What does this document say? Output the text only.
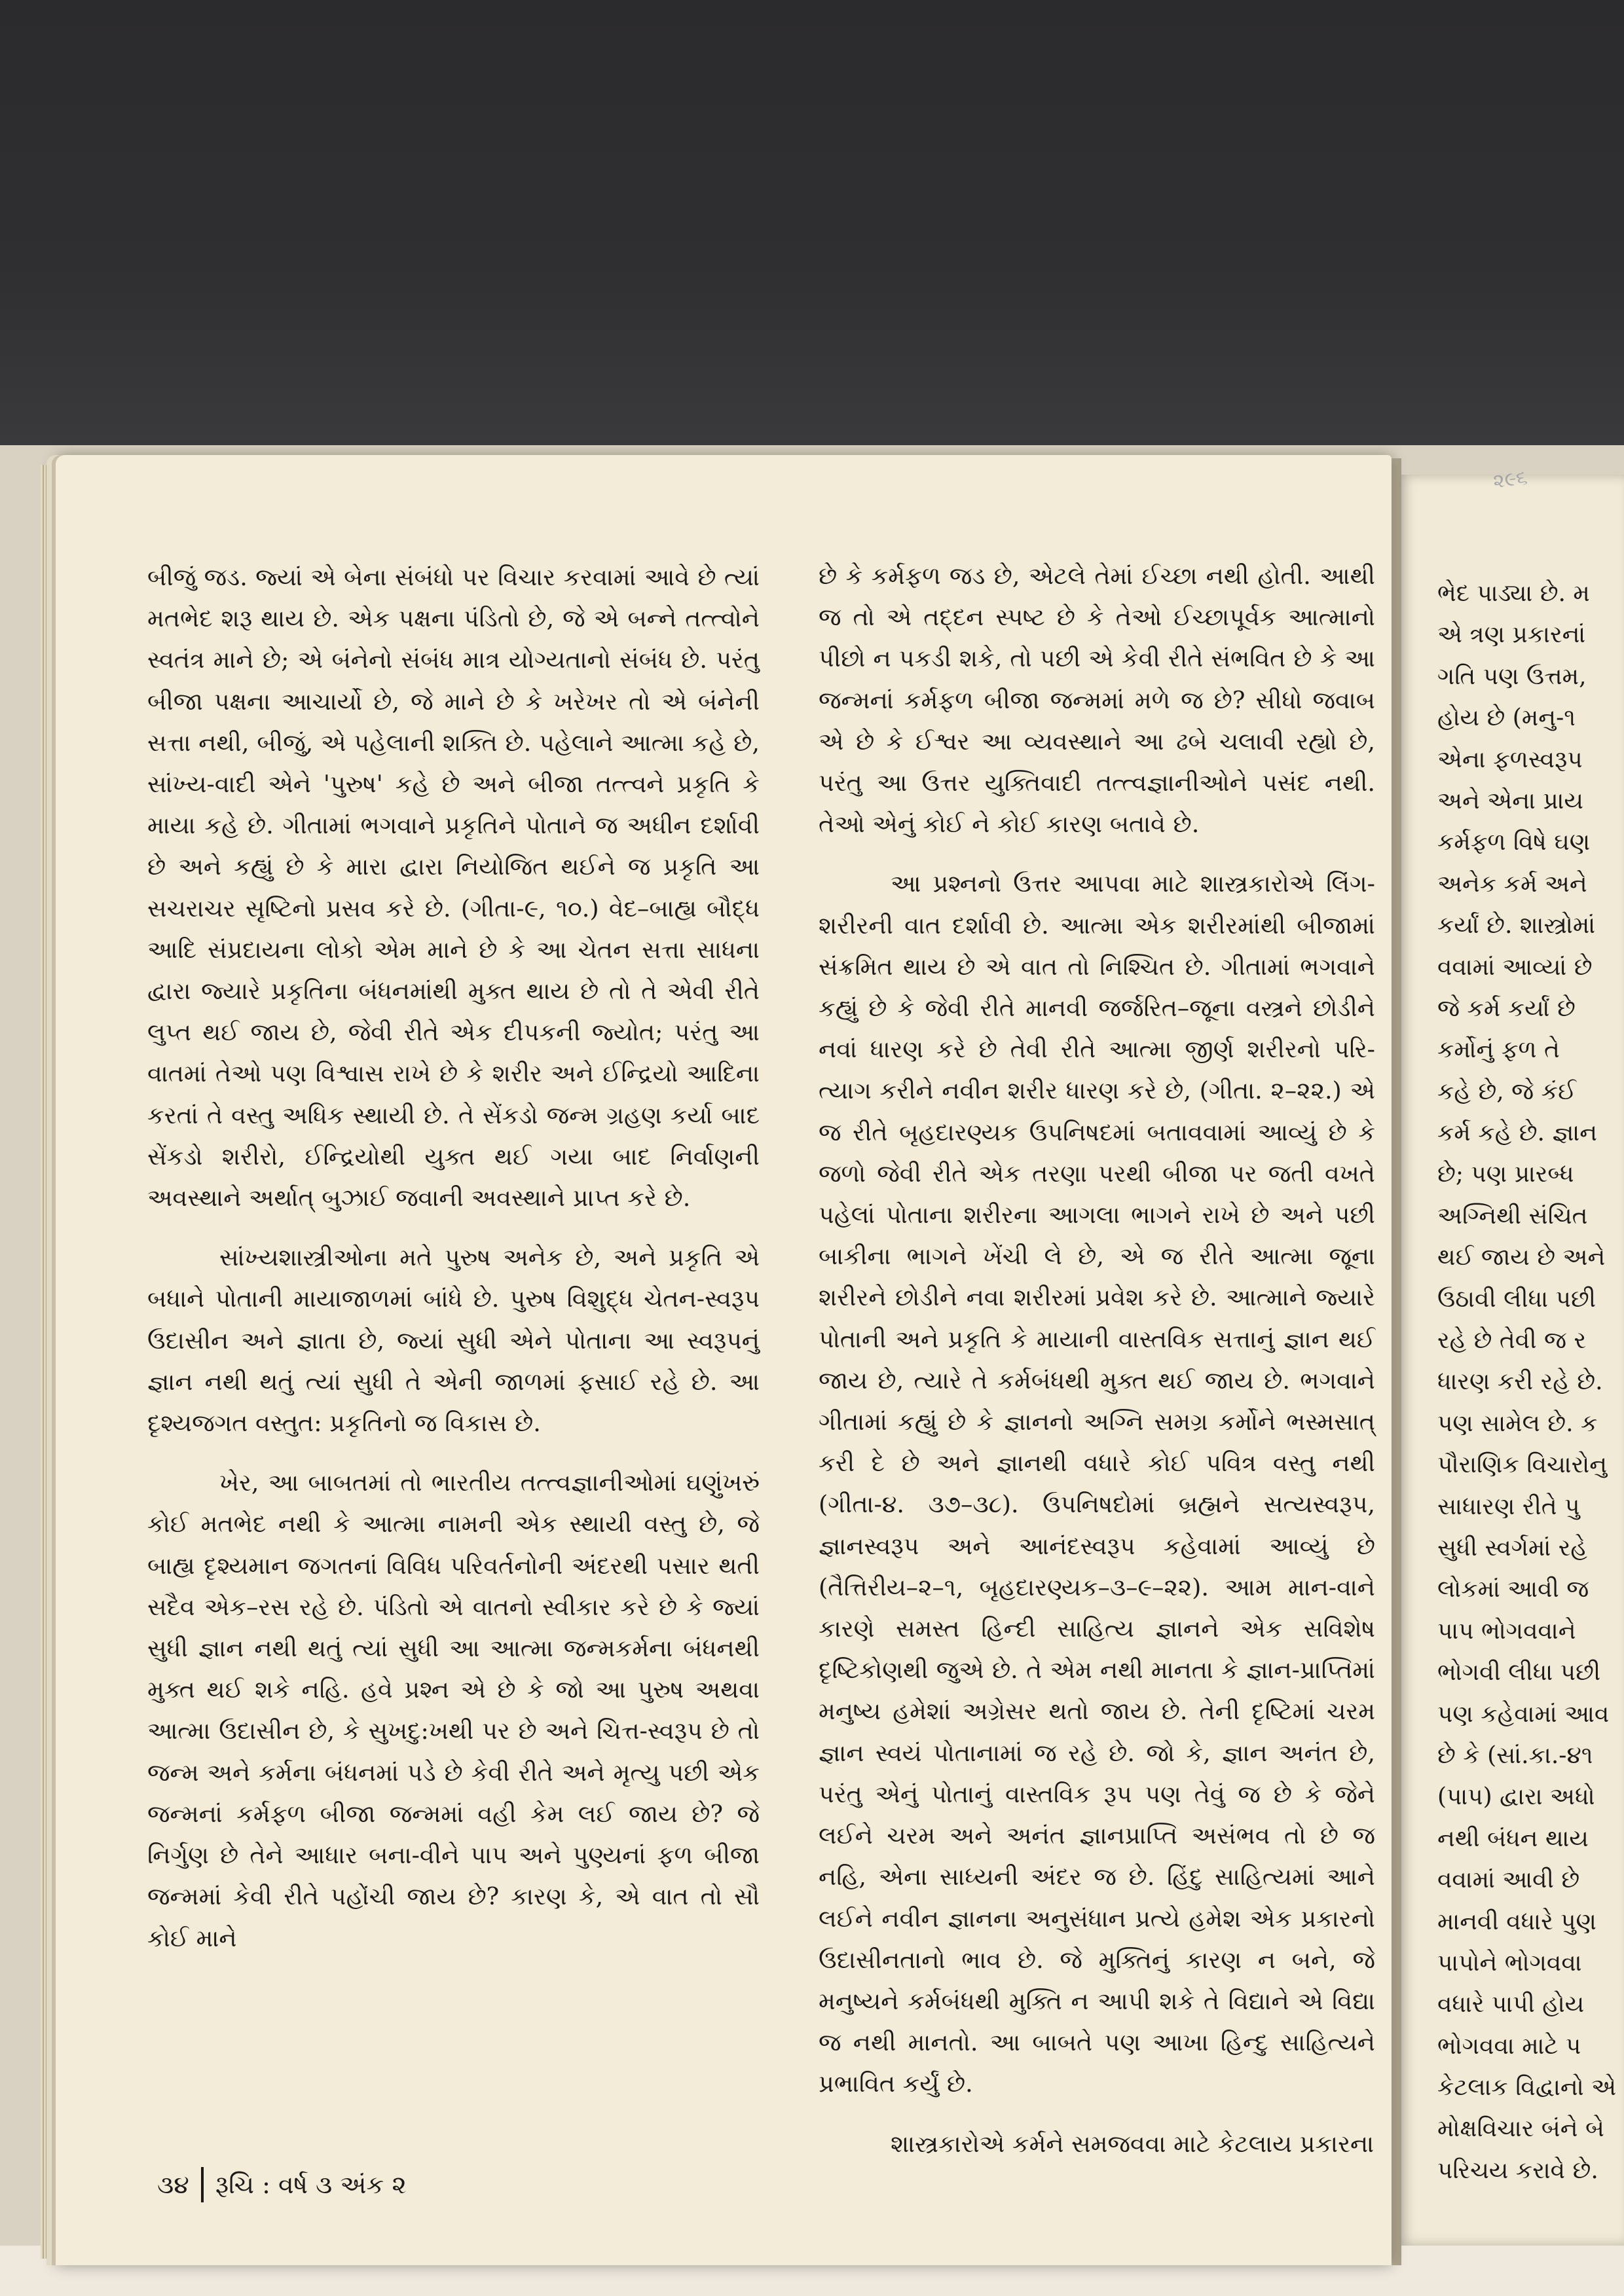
૨૯૬

બીજું જડ. જ્યાં એ બેના સંબંધો પર વિચાર કરવામાં આવે છે ત્યાં મતભેદ શરૂ થાય છે. એક પક્ષના પંડિતો છે, જે એ બન્ને તત્ત્વોને સ્વતંત્ર માને છે; એ બંનેનો સંબંધ માત્ર યોગ્યતાનો સંબંધ છે. પરંતુ બીજા પક્ષના આચાર્યો છે, જે માને છે કે ખરેખર તો એ બંનેની સત્તા નથી, બીજું, એ પહેલાની શક્તિ છે. પહેલાને આત્મા કહે છે, સાંખ્ય-વાદી એને 'પુરુષ' કહે છે અને બીજા તત્ત્વને પ્રકૃતિ કે માયા કહે છે. ગીતામાં ભગવાને પ્રકૃતિને પોતાને જ અધીન દર્શાવી છે અને કહ્યું છે કે મારા દ્વારા નિયોજિત થઈને જ પ્રકૃતિ આ સચરાચર સૃષ્ટિનો પ્રસવ કરે છે. (ગીતા-૯, ૧૦.) વેદ–બાહ્ય બૌદ્ધ આદિ સંપ્રદાયના લોકો એમ માને છે કે આ ચેતન સત્તા સાધના દ્વારા જ્યારે પ્રકૃતિના બંધનમાંથી મુક્ત થાય છે તો તે એવી રીતે લુપ્ત થઈ જાય છે, જેવી રીતે એક દીપકની જ્યોત; પરંતુ આ વાતમાં તેઓ પણ વિશ્વાસ રાખે છે કે શરીર અને ઈન્દ્રિયો આદિના કરતાં તે વસ્તુ અધિક સ્થાયી છે. તે સેંકડો જન્મ ગ્રહણ કર્યા બાદ સેંકડો શરીરો, ઈન્દ્રિયોથી યુક્ત થઈ ગયા બાદ નિર્વાણની અવસ્થાને અર્થાત્ બુઝાઈ જવાની અવસ્થાને પ્રાપ્ત કરે છે.

સાંખ્યશાસ્ત્રીઓના મતે પુરુષ અનેક છે, અને પ્રકૃતિ એ બધાને પોતાની માયાજાળમાં બાંધે છે. પુરુષ વિશુદ્ધ ચેતન-સ્વરૂપ ઉદાસીન અને જ્ઞાતા છે, જ્યાં સુધી એને પોતાના આ સ્વરૂપનું જ્ઞાન નથી થતું ત્યાં સુધી તે એની જાળમાં ફસાઈ રહે છે. આ દૃશ્યજગત વસ્તુત: પ્રકૃતિનો જ વિકાસ છે.

ખેર, આ બાબતમાં તો ભારતીય તત્ત્વજ્ઞાનીઓમાં ઘણુંખરું કોઈ મતભેદ નથી કે આત્મા નામની એક સ્થાયી વસ્તુ છે, જે બાહ્ય દૃશ્યમાન જગતનાં વિવિધ પરિવર્તનોની અંદરથી પસાર થતી સદૈવ એક–રસ રહે છે. પંડિતો એ વાતનો સ્વીકાર કરે છે કે જ્યાં સુધી જ્ઞાન નથી થતું ત્યાં સુધી આ આત્મા જન્મકર્મના બંધનથી મુક્ત થઈ શકે નહિ. હવે પ્રશ્ન એ છે કે જો આ પુરુષ અથવા આત્મા ઉદાસીન છે, કે સુખદુ:ખથી પર છે અને ચિત્ત-સ્વરૂપ છે તો જન્મ અને કર્મના બંધનમાં પડે છે કેવી રીતે અને મૃત્યુ પછી એક જન્મનાં કર્મફળ બીજા જન્મમાં વહી કેમ લઈ જાય છે? જે નિર્ગુણ છે તેને આધાર બના-વીને પાપ અને પુણ્યનાં ફળ બીજા જન્મમાં કેવી રીતે પહોંચી જાય છે? કારણ કે, એ વાત તો સૌ કોઈ માને

છે કે કર્મફળ જડ છે, એટલે તેમાં ઈચ્છા નથી હોતી. આથી જ તો એ તદ્દન સ્પષ્ટ છે કે તેઓ ઈચ્છાપૂર્વક આત્માનો પીછો ન પકડી શકે, તો પછી એ કેવી રીતે સંભવિત છે કે આ જન્મનાં કર્મફળ બીજા જન્મમાં મળે જ છે? સીધો જવાબ એ છે કે ઈશ્વર આ વ્યવસ્થાને આ ઢબે ચલાવી રહ્યો છે, પરંતુ આ ઉત્તર યુક્તિવાદી તત્ત્વજ્ઞાનીઓને પસંદ નથી. તેઓ એનું કોઈ ને કોઈ કારણ બતાવે છે.

આ પ્રશ્નનો ઉત્તર આપવા માટે શાસ્ત્રકારોએ લિંગ-શરીરની વાત દર્શાવી છે. આત્મા એક શરીરમાંથી બીજામાં સંક્રમિત થાય છે એ વાત તો નિશ્ચિત છે. ગીતામાં ભગવાને કહ્યું છે કે જેવી રીતે માનવી જર્જરિત–જૂના વસ્ત્રને છોડીને નવાં ધારણ કરે છે તેવી રીતે આત્મા જીર્ણ શરીરનો પરિ-ત્યાગ કરીને નવીન શરીર ધારણ કરે છે, (ગીતા. ૨–૨૨.) એ જ રીતે બૃહદારણ્યક ઉપનિષદમાં બતાવવામાં આવ્યું છે કે જળો જેવી રીતે એક તરણા પરથી બીજા પર જતી વખતે પહેલાં પોતાના શરીરના આગલા ભાગને રાખે છે અને પછી બાકીના ભાગને ખેંચી લે છે, એ જ રીતે આત્મા જૂના શરીરને છોડીને નવા શરીરમાં પ્રવેશ કરે છે. આત્માને જ્યારે પોતાની અને પ્રકૃતિ કે માયાની વાસ્તવિક સત્તાનું જ્ઞાન થઈ જાય છે, ત્યારે તે કર્મબંધથી મુક્ત થઈ જાય છે. ભગવાને ગીતામાં કહ્યું છે કે જ્ઞાનનો અગ્નિ સમગ્ર કર્મોને ભસ્મસાત્ કરી દે છે અને જ્ઞાનથી વધારે કોઈ પવિત્ર વસ્તુ નથી (ગીતા-૪. ૩૭–૩૮). ઉપનિષદોમાં બ્રહ્મને સત્યસ્વરૂપ, જ્ઞાનસ્વરૂપ અને આનંદસ્વરૂપ કહેવામાં આવ્યું છે (તૈત્તિરીય–૨–૧, બૃહદારણ્યક–૩–૯–૨૨). આમ માન-વાને કારણે સમસ્ત હિન્દી સાહિત્ય જ્ઞાનને એક સવિશેષ દૃષ્ટિકોણથી જુએ છે. તે એમ નથી માનતા કે જ્ઞાન-પ્રાપ્તિમાં મનુષ્ય હમેશાં અગ્રેસર થતો જાય છે. તેની દૃષ્ટિમાં ચરમ જ્ઞાન સ્વયં પોતાનામાં જ રહે છે. જો કે, જ્ઞાન અનંત છે, પરંતુ એનું પોતાનું વાસ્તવિક રૂપ પણ તેવું જ છે કે જેને લઈને ચરમ અને અનંત જ્ઞાનપ્રાપ્તિ અસંભવ તો છે જ નહિ, એના સાધ્યની અંદર જ છે. હિંદુ સાહિત્યમાં આને લઈને નવીન જ્ઞાનના અનુસંધાન પ્રત્યે હમેશ એક પ્રકારનો ઉદાસીનતાનો ભાવ છે. જે મુક્તિનું કારણ ન બને, જે મનુષ્યને કર્મબંધથી મુક્તિ ન આપી શકે તે વિદ્યાને એ વિદ્યા જ નથી માનતો. આ બાબતે પણ આખા હિન્દુ સાહિત્યને પ્રભાવિત કર્યું છે.

શાસ્ત્રકારોએ કર્મને સમજવવા માટે કેટલાય પ્રકારના

ભેદ પાડ્યા છે. મ
એ ત્રણ પ્રકારનાં
ગતિ પણ ઉત્તમ,
હોય છે (મનુ-૧
એના ફળસ્વરૂપ
અને એના પ્રાય
કર્મફળ વિષે ઘણ
અનેક કર્મ અને
કર્યાં છે. શાસ્ત્રોમાં
વવામાં આવ્યાં છે
જે કર્મ કર્યાં છે
કર્મોનું ફળ તે
કહે છે, જે કંઈ
કર્મ કહે છે. જ્ઞાન
છે; પણ પ્રારબ્ધ
અગ્નિથી સંચિત
થઈ જાય છે અને
ઉઠાવી લીધા પછી
રહે છે તેવી જ ર
ધારણ કરી રહે છે.
પણ સામેલ છે. ક
પૌરાણિક વિચારોનુ
સાધારણ રીતે પુ
સુધી સ્વર્ગમાં રહે
લોકમાં આવી જ
પાપ ભોગવવાને
ભોગવી લીધા પછી
પણ કહેવામાં આવ
છે કે (સાં.કા.-૪૧
(પાપ) દ્વારા અધો
નથી બંધન થાય
વવામાં આવી છે
માનવી વધારે પુણ
પાપોને ભોગવવા
વધારે પાપી હોય
ભોગવવા માટે પ
કેટલાક વિદ્વાનો એ
મોક્ષવિચાર બંને બે
પરિચય કરાવે છે.
૩૪ રૂચિ : વર્ષ ૩ અંક ૨
